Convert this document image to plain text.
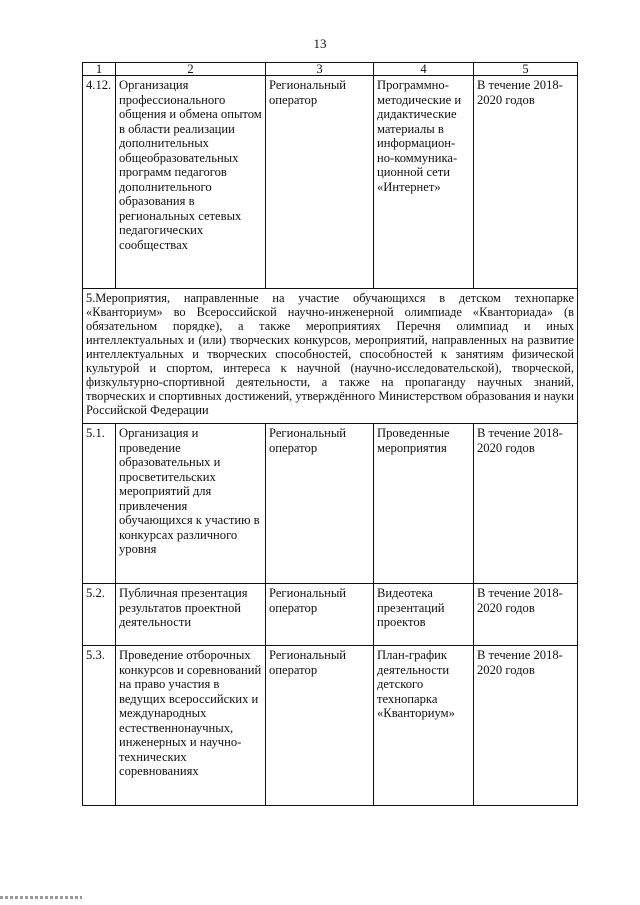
13
1	2	3	4	5
4.12.	Организация профессионального общения и обмена опытом в области реализации дополнительных общеобразовательных программ педагогов дополнительного образования в региональных сетевых педагогических сообществах	Региональный оператор	Программно-методические и дидактические материалы в информацион-но-коммуника-ционной сети «Интернет»	В течение 2018-2020 годов
5.Мероприятия, направленные на участие обучающихся в детском технопарке «Кванториум» во Всероссийской научно-инженерной олимпиаде «Кванториада» (в обязательном порядке), а также мероприятиях Перечня олимпиад и иных интеллектуальных и (или) творческих конкурсов, мероприятий, направленных на развитие интеллектуальных и творческих способностей, способностей к занятиям физической культурой и спортом, интереса к научной (научно-исследовательской), творческой, физкультурно-спортивной деятельности, а также на пропаганду научных знаний, творческих и спортивных достижений, утверждённого Министерством образования и науки Российской Федерации				
5.1.	Организация и проведение образовательных и просветительских мероприятий для привлечения обучающихся к участию в конкурсах различного уровня	Региональный оператор	Проведенные мероприятия	В течение 2018-2020 годов
5.2.	Публичная презентация результатов проектной деятельности	Региональный оператор	Видеотека презентаций проектов	В течение 2018-2020 годов
5.3.	Проведение отборочных конкурсов и соревнований на право участия в ведущих всероссийских и международных естественнонаучных, инженерных и научно-технических соревнованиях	Региональный оператор	План-график деятельности детского технопарка «Кванториум»	В течение 2018-2020 годов
